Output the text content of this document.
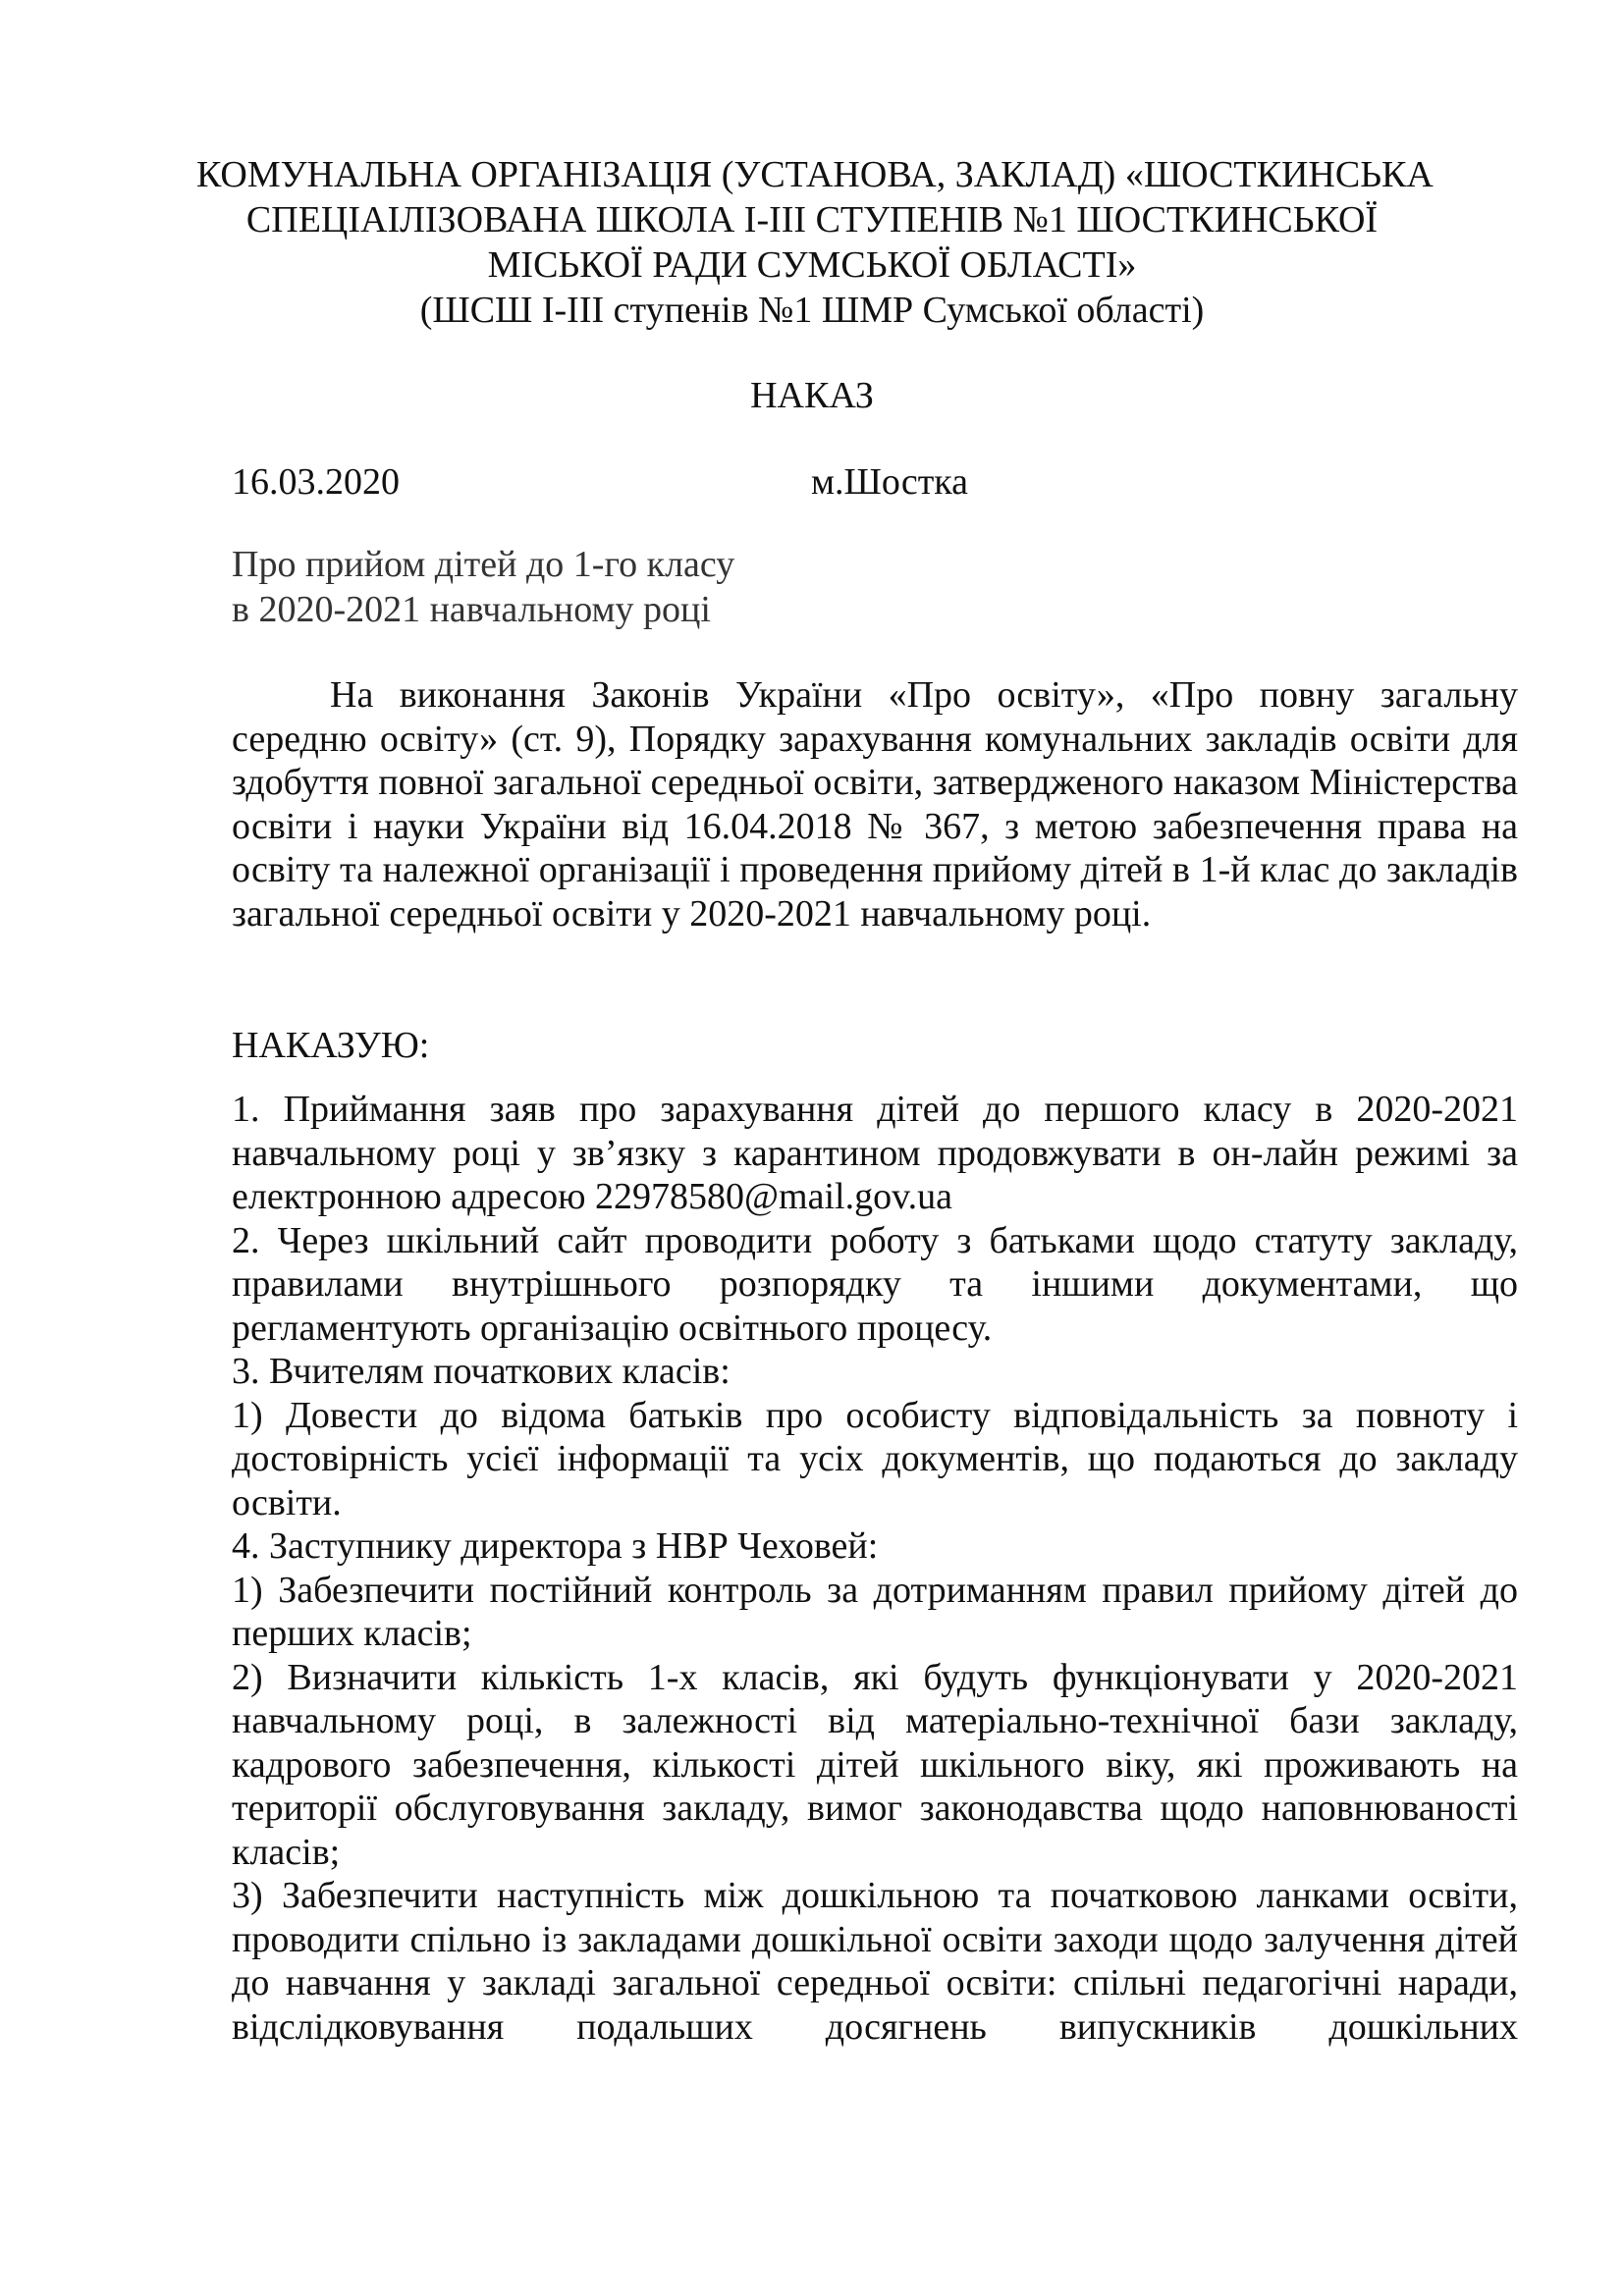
КОМУНАЛЬНА ОРГАНІЗАЦІЯ (УСТАНОВА, ЗАКЛАД) «ШОСТКИНСЬКА
СПЕЦІАІЛІЗОВАНА ШКОЛА І-ІІІ СТУПЕНІВ №1 ШОСТКИНСЬКОЇ
МІСЬКОЇ РАДИ СУМСЬКОЇ ОБЛАСТІ»
(ШСШ І-ІІІ ступенів №1 ШМР Сумської області)
НАКАЗ
16.03.2020	м.Шостка
Про прийом дітей до 1-го класу
в 2020-2021 навчальному році
На виконання Законів України «Про освіту», «Про повну загальну середню освіту» (ст. 9), Порядку зарахування комунальних закладів освіти для здобуття повної загальної середньої освіти, затвердженого наказом Міністерства освіти і науки України від 16.04.2018 № 367, з метою забезпечення права на освіту та належної організації і проведення прийому дітей в 1-й клас до закладів загальної середньої освіти у 2020-2021 навчальному році.
НАКАЗУЮ:

1. Приймання заяв про зарахування дітей до першого класу в 2020-2021 навчальному році у зв’язку з карантином продовжувати в он-лайн режимі за електронною адресою 22978580@mail.gov.ua

2. Через шкільний сайт проводити роботу з батьками щодо статуту закладу, правилами внутрішнього розпорядку та іншими документами, що регламентують організацію освітнього процесу.

3. Вчителям початкових класів:

1) Довести до відома батьків про особисту відповідальність за повноту і достовірність усієї інформації та усіх документів, що подаються до закладу освіти.

4. Заступнику директора з НВР Чеховей:

1) Забезпечити постійний контроль за дотриманням правил прийому дітей до перших класів;

2) Визначити кількість 1-х класів, які будуть функціонувати у 2020-2021 навчальному році, в залежності від матеріально-технічної бази закладу, кадрового забезпечення, кількості дітей шкільного віку, які проживають на території обслуговування закладу, вимог законодавства щодо наповнюваності класів;

3) Забезпечити наступність між дошкільною та початковою ланками освіти, проводити спільно із закладами дошкільної освіти заходи щодо залучення дітей до навчання у закладі загальної середньої освіти: спільні педагогічні наради, відслідковування подальших досягнень випускників дошкільних
